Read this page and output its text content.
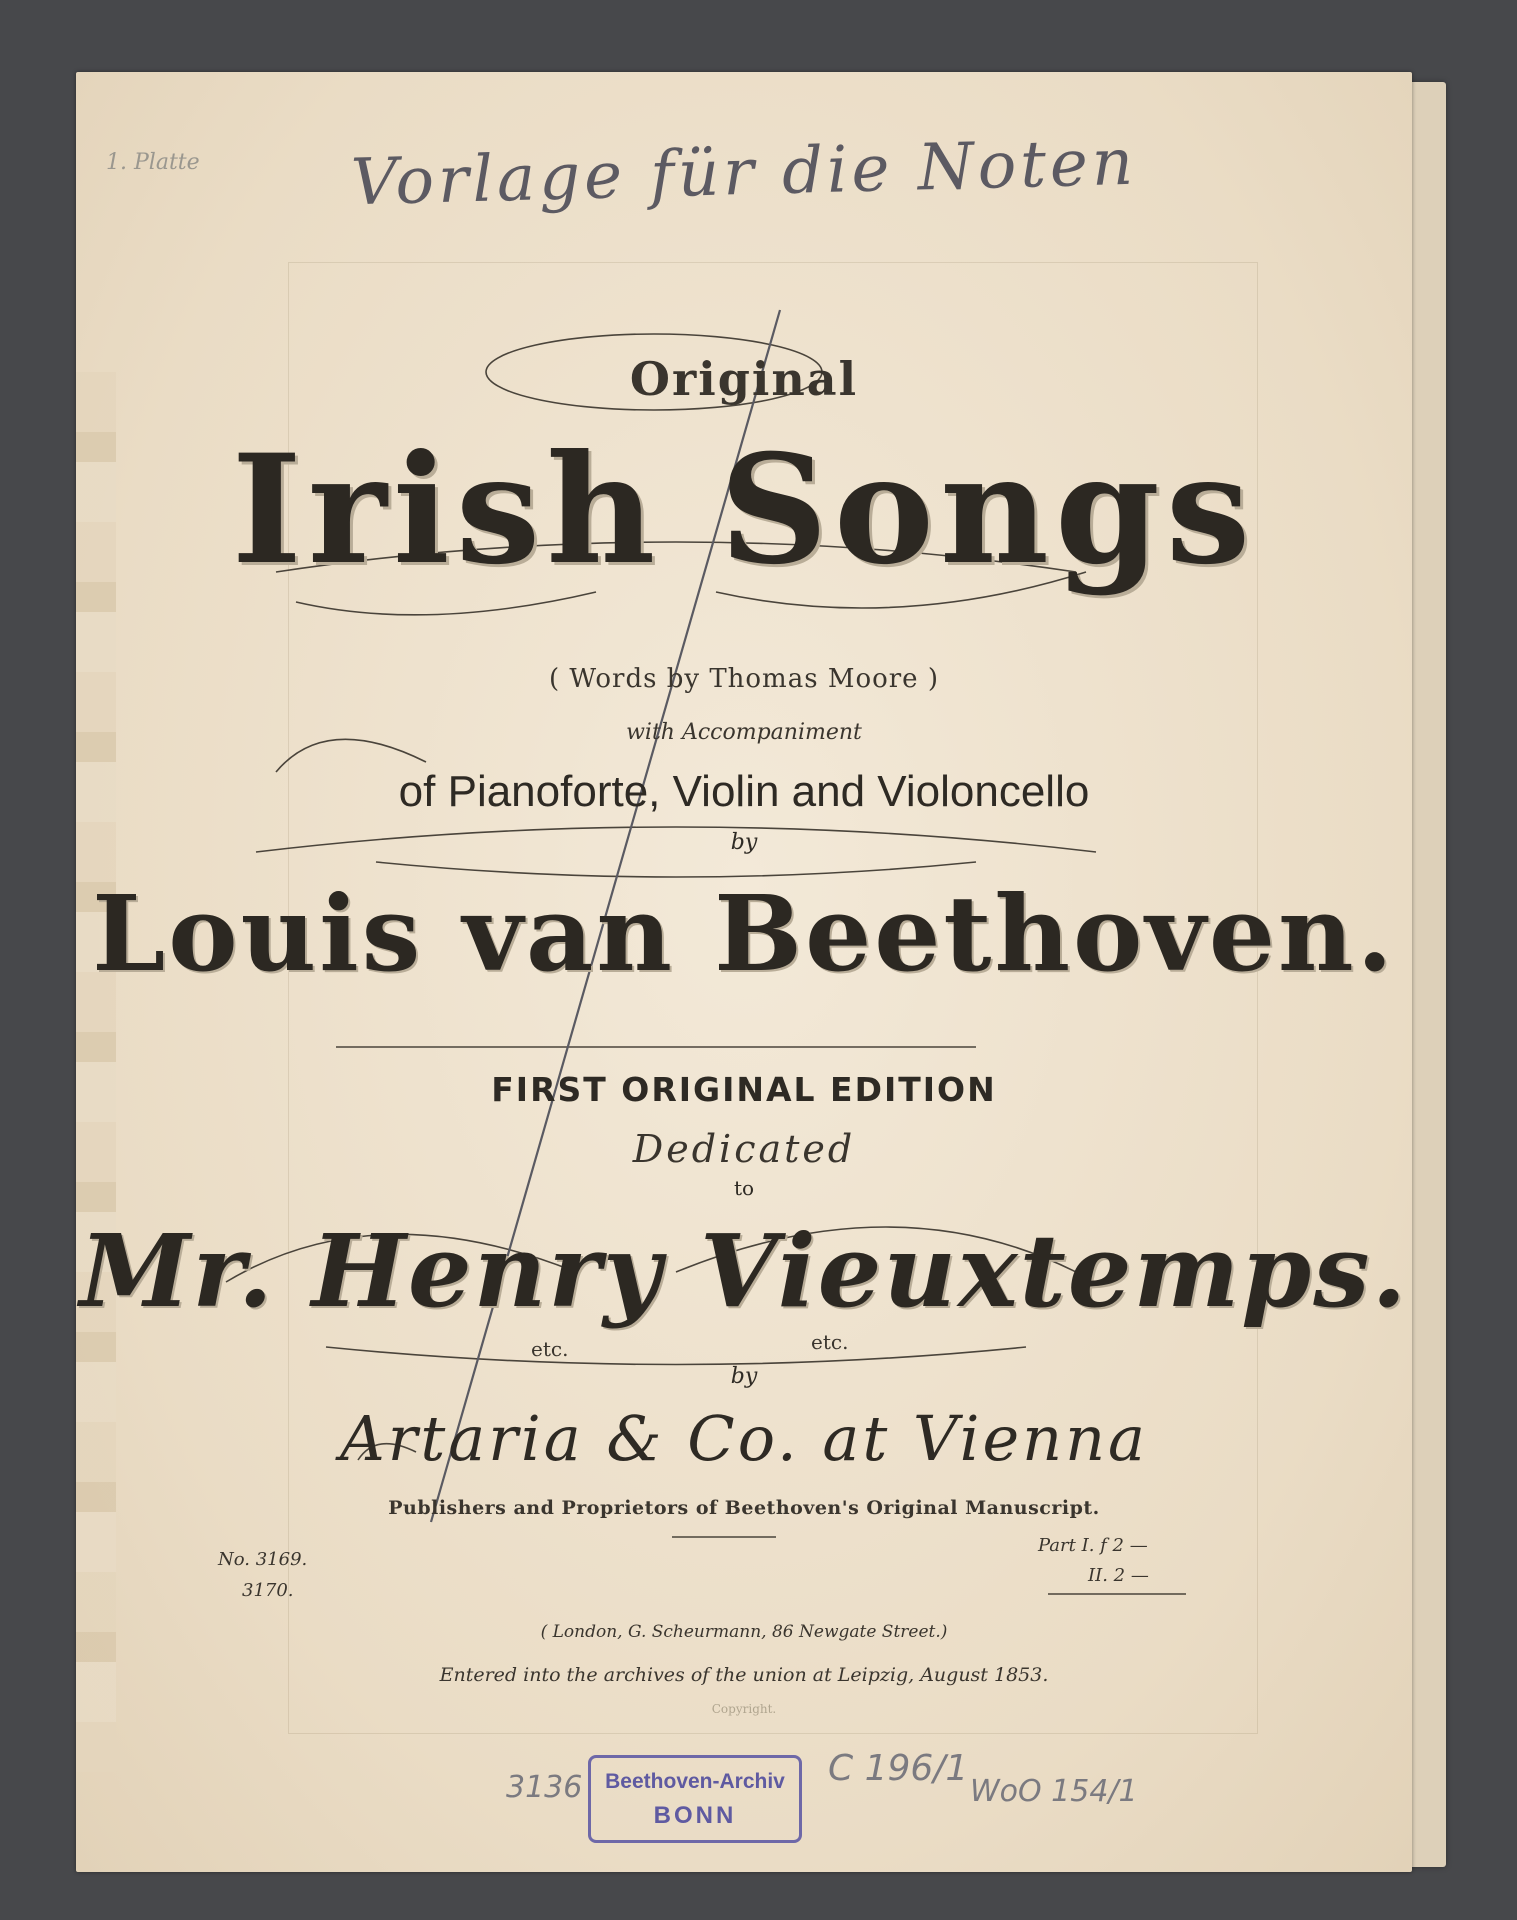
1. Platte	Vorlage für die Noten
Original
Irish Songs
( Words by Thomas Moore )
with Accompaniment
of Pianoforte, Violin and Violoncello
by
Louis van Beethoven.
FIRST ORIGINAL EDITION
Dedicated
to
Mr. Henry Vieuxtemps.
etc.	etc.
by
Artaria & Co. at Vienna
Publishers and Proprietors of Beethoven's Original Manuscript.
No. 3169.
3170.
Part I. f 2 —
II. 2 —
( London, G. Scheurmann, 86 Newgate Street.)
Entered into the archives of the union at Leipzig, August 1853.
Copyright.
Beethoven-Archiv
BONN
3136	C 196/1
WoO 154/1
